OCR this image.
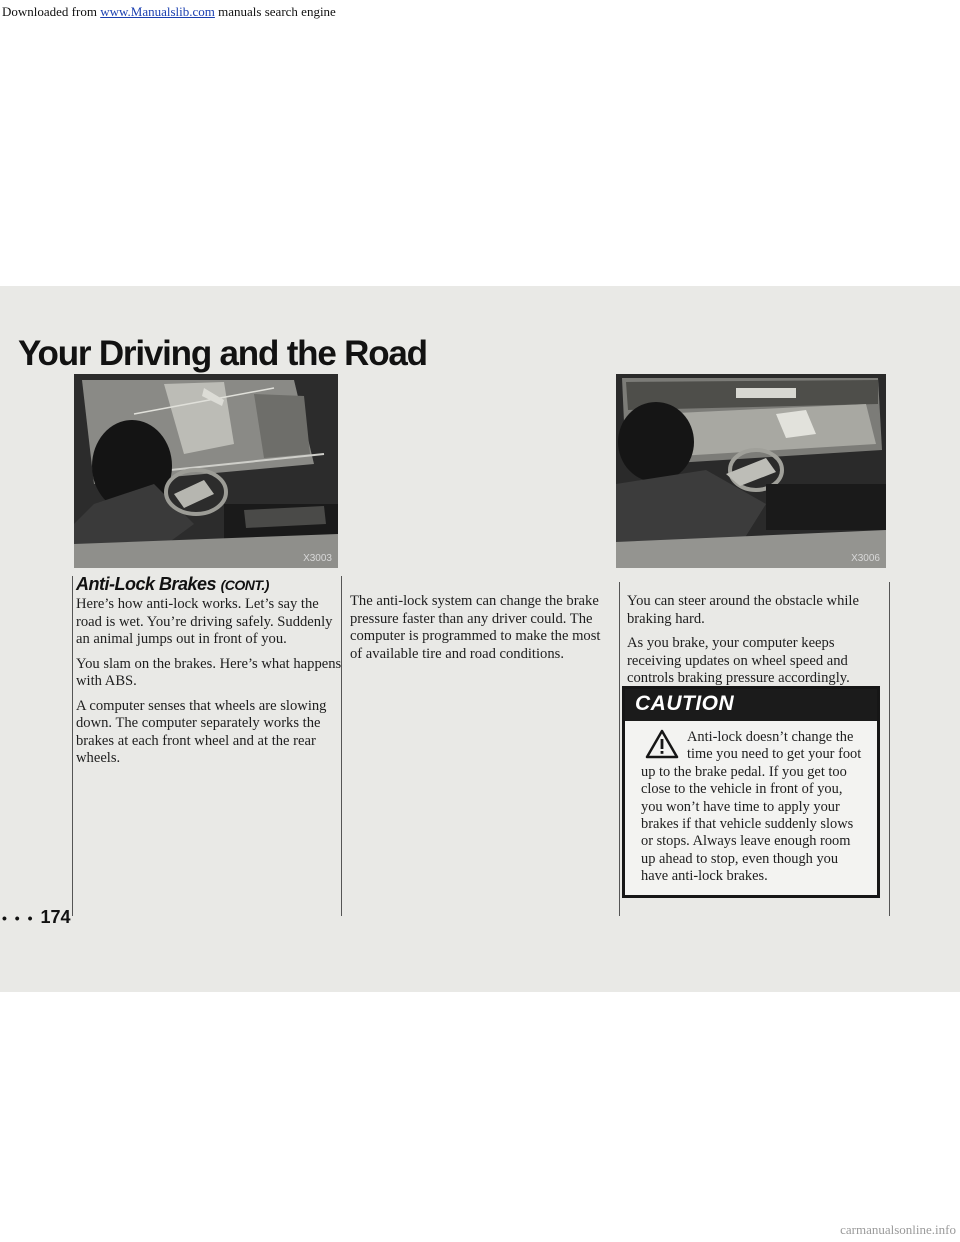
Downloaded from www.Manualslib.com manuals search engine
Your Driving and the Road
X3003	X3006
Anti-Lock Brakes (CONT.)

Here’s how anti-lock works. Let’s say the road is wet. You’re driving safely. Suddenly an animal jumps out in front of you.

You slam on the brakes. Here’s what happens with ABS.

A computer senses that wheels are slowing down. The computer separately works the brakes at each front wheel and at the rear wheels.

The anti-lock system can change the brake pressure faster than any driver could. The computer is programmed to make the most of available tire and road conditions.

You can steer around the obstacle while braking hard.

As you brake, your computer keeps receiving updates on wheel speed and controls braking pressure accordingly.

CAUTION
Anti-lock doesn’t change the time you need to get your foot up to the brake pedal. If you get too close to the vehicle in front of you, you won’t have time to apply your brakes if that vehicle suddenly slows or stops. Always leave enough room up ahead to stop, even though you have anti-lock brakes.
• • • 174
carmanualsonline.info
